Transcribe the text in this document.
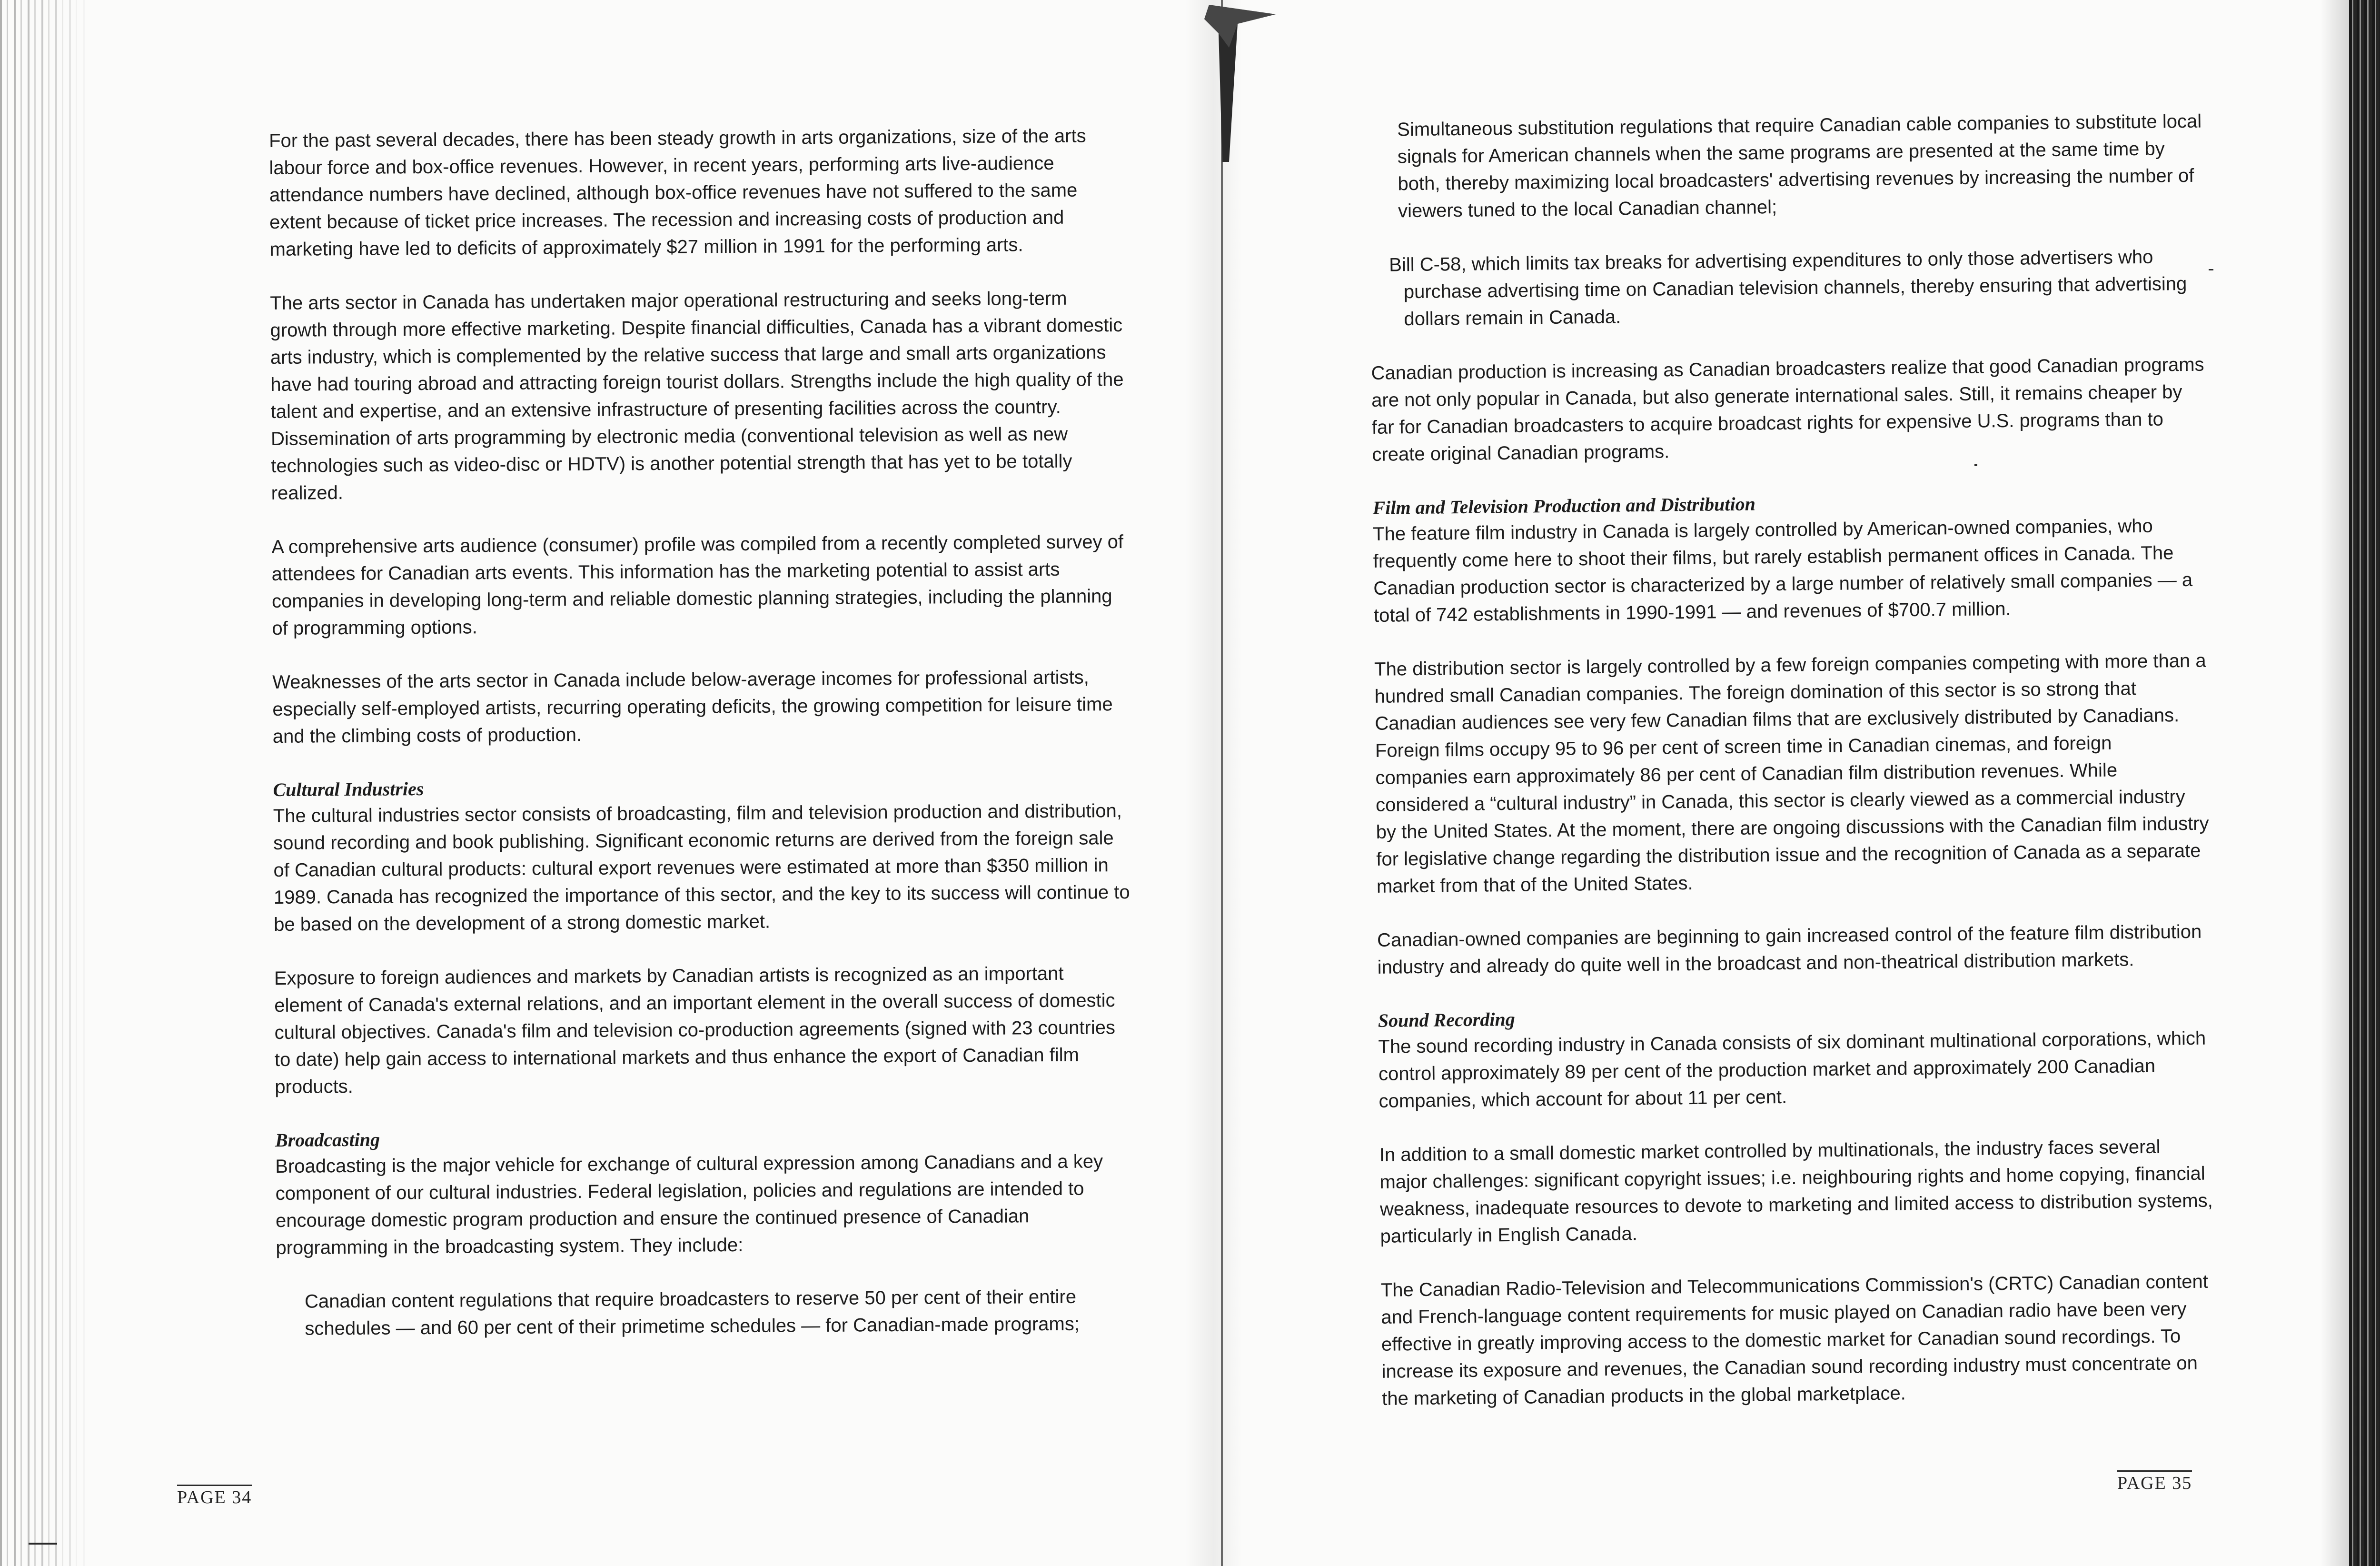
For the past several decades, there has been steady growth in arts organizations, size of the arts labour force and box-office revenues. However, in recent years, performing arts live-audience attendance numbers have declined, although box-office revenues have not suffered to the same extent because of ticket price increases. The recession and increasing costs of production and marketing have led to deficits of approximately $27 million in 1991 for the performing arts.

The arts sector in Canada has undertaken major operational restructuring and seeks long-term growth through more effective marketing. Despite financial difficulties, Canada has a vibrant domestic arts industry, which is complemented by the relative success that large and small arts organizations have had touring abroad and attracting foreign tourist dollars. Strengths include the high quality of the talent and expertise, and an extensive infrastructure of presenting facilities across the country. Dissemination of arts programming by electronic media (conventional television as well as new technologies such as video-disc or HDTV) is another potential strength that has yet to be totally realized.

A comprehensive arts audience (consumer) profile was compiled from a recently completed survey of attendees for Canadian arts events. This information has the marketing potential to assist arts companies in developing long-term and reliable domestic planning strategies, including the planning of programming options.

Weaknesses of the arts sector in Canada include below-average incomes for professional artists, especially self-employed artists, recurring operating deficits, the growing competition for leisure time and the climbing costs of production.

Cultural Industries

The cultural industries sector consists of broadcasting, film and television production and distribution, sound recording and book publishing. Significant economic returns are derived from the foreign sale of Canadian cultural products: cultural export revenues were estimated at more than $350 million in 1989. Canada has recognized the importance of this sector, and the key to its success will continue to be based on the development of a strong domestic market.

Exposure to foreign audiences and markets by Canadian artists is recognized as an important element of Canada's external relations, and an important element in the overall success of domestic cultural objectives. Canada's film and television co-production agreements (signed with 23 countries to date) help gain access to international markets and thus enhance the export of Canadian film products.

Broadcasting

Broadcasting is the major vehicle for exchange of cultural expression among Canadians and a key component of our cultural industries. Federal legislation, policies and regulations are intended to encourage domestic program production and ensure the continued presence of Canadian programming in the broadcasting system. They include:

Canadian content regulations that require broadcasters to reserve 50 per cent of their entire schedules — and 60 per cent of their primetime schedules — for Canadian-made programs;

PAGE 34

Simultaneous substitution regulations that require Canadian cable companies to substitute local signals for American channels when the same programs are presented at the same time by both, thereby maximizing local broadcasters' advertising revenues by increasing the number of viewers tuned to the local Canadian channel;

Bill C-58, which limits tax breaks for advertising expenditures to only those advertisers who purchase advertising time on Canadian television channels, thereby ensuring that advertising dollars remain in Canada.

Canadian production is increasing as Canadian broadcasters realize that good Canadian programs are not only popular in Canada, but also generate international sales. Still, it remains cheaper by far for Canadian broadcasters to acquire broadcast rights for expensive U.S. programs than to create original Canadian programs.

Film and Television Production and Distribution

The feature film industry in Canada is largely controlled by American-owned companies, who frequently come here to shoot their films, but rarely establish permanent offices in Canada. The Canadian production sector is characterized by a large number of relatively small companies — a total of 742 establishments in 1990-1991 — and revenues of $700.7 million.

The distribution sector is largely controlled by a few foreign companies competing with more than a hundred small Canadian companies. The foreign domination of this sector is so strong that Canadian audiences see very few Canadian films that are exclusively distributed by Canadians. Foreign films occupy 95 to 96 per cent of screen time in Canadian cinemas, and foreign companies earn approximately 86 per cent of Canadian film distribution revenues. While considered a “cultural industry” in Canada, this sector is clearly viewed as a commercial industry by the United States. At the moment, there are ongoing discussions with the Canadian film industry for legislative change regarding the distribution issue and the recognition of Canada as a separate market from that of the United States.

Canadian-owned companies are beginning to gain increased control of the feature film distribution industry and already do quite well in the broadcast and non-theatrical distribution markets.

Sound Recording

The sound recording industry in Canada consists of six dominant multinational corporations, which control approximately 89 per cent of the production market and approximately 200 Canadian companies, which account for about 11 per cent.

In addition to a small domestic market controlled by multinationals, the industry faces several major challenges: significant copyright issues; i.e. neighbouring rights and home copying, financial weakness, inadequate resources to devote to marketing and limited access to distribution systems, particularly in English Canada.

The Canadian Radio-Television and Telecommunications Commission's (CRTC) Canadian content and French-language content requirements for music played on Canadian radio have been very effective in greatly improving access to the domestic market for Canadian sound recordings. To increase its exposure and revenues, the Canadian sound recording industry must concentrate on the marketing of Canadian products in the global marketplace.

PAGE 35
